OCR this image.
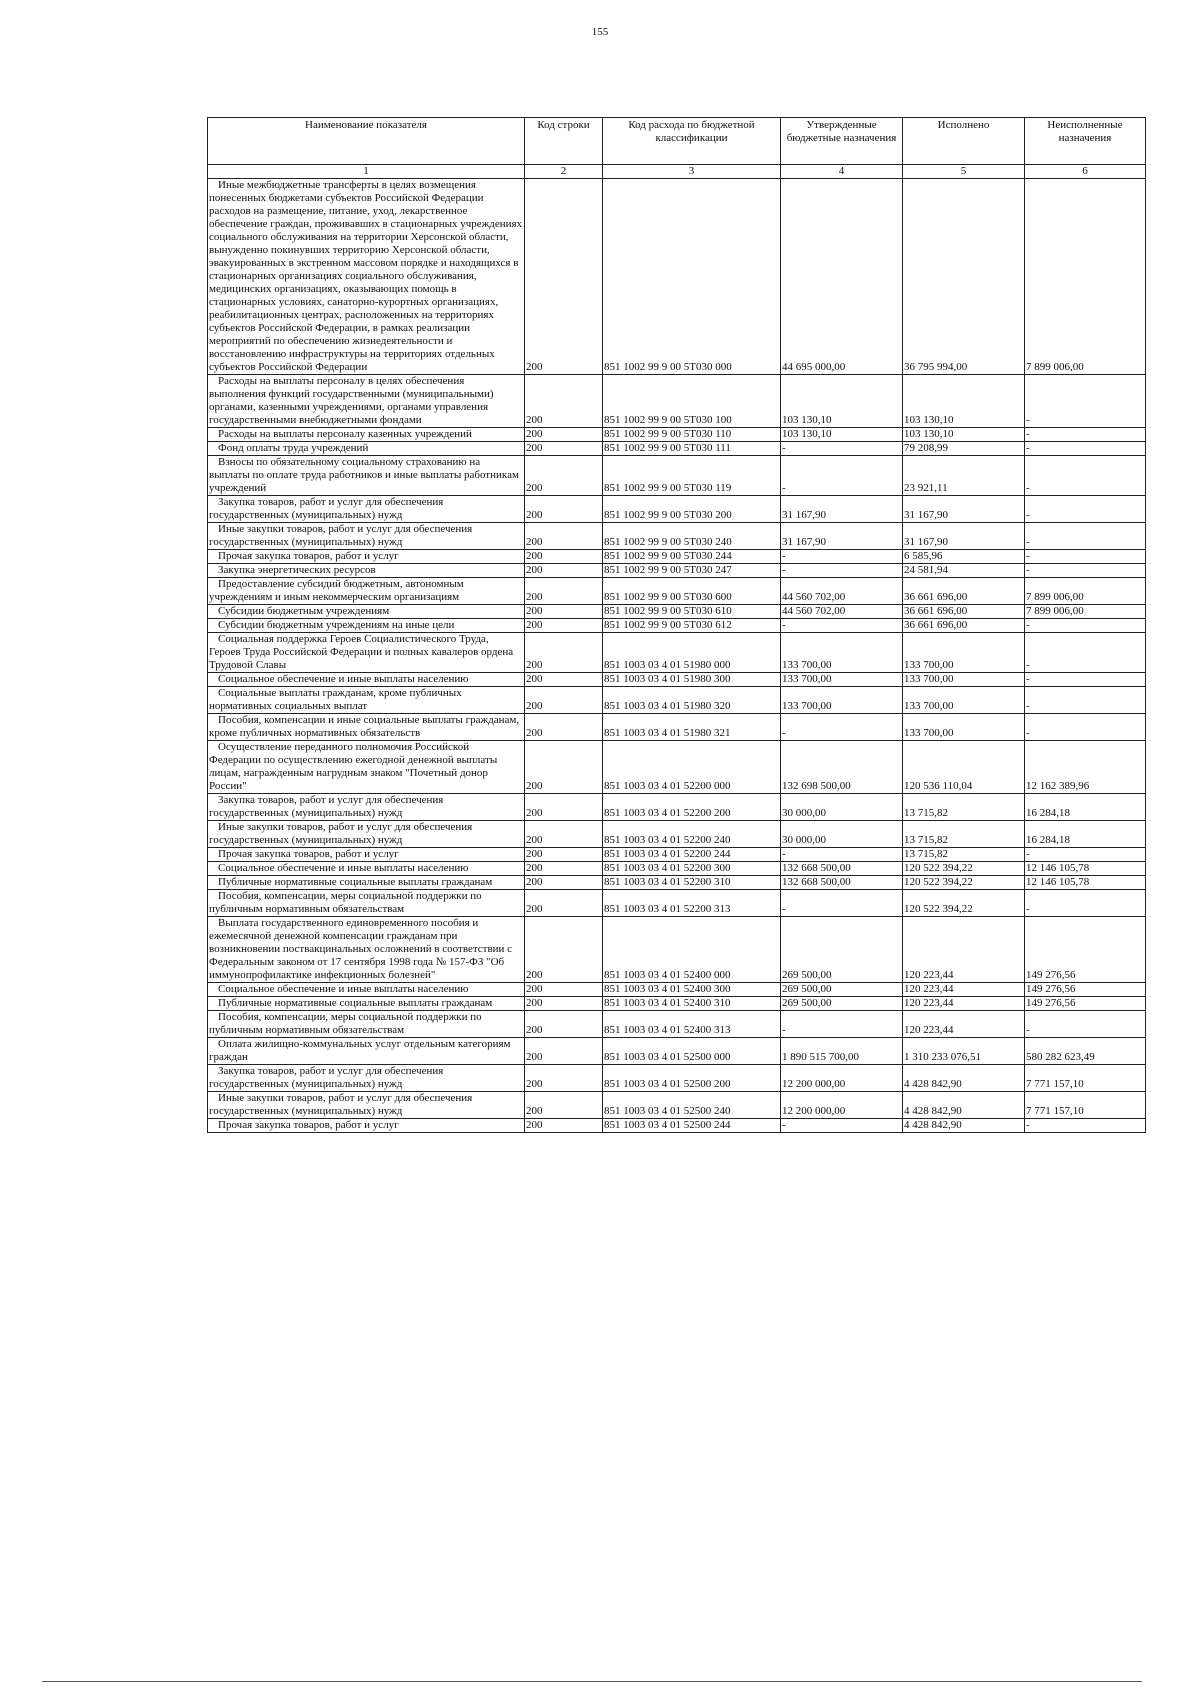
155
Наименование показателя	Код строки	Код расхода по бюджетной классификации	Утвержденные бюджетные назначения	Исполнено	Неисполненные назначения
1	2	3	4	5	6
Иные межбюджетные трансферты в целях возмещения понесенных бюджетами субъектов Российской Федерации расходов на размещение, питание, уход, лекарственное обеспечение граждан, проживавших в стационарных учреждениях социального обслуживания на территории Херсонской области, вынужденно покинувших территорию Херсонской области, эвакуированных в экстренном массовом порядке и находящихся в стационарных организациях социального обслуживания, медицинских организациях, оказывающих помощь в стационарных условиях, санаторно-курортных организациях, реабилитационных центрах, расположенных на территориях субъектов Российской Федерации, в рамках реализации мероприятий по обеспечению жизнедеятельности и восстановлению инфраструктуры на территориях отдельных субъектов Российской Федерации	200	851 1002 99 9 00 5Т030 000	44 695 000,00	36 795 994,00	7 899 006,00
Расходы на выплаты персоналу в целях обеспечения выполнения функций государственными (муниципальными) органами, казенными учреждениями, органами управления государственными внебюджетными фондами	200	851 1002 99 9 00 5Т030 100	103 130,10	103 130,10	-
Расходы на выплаты персоналу казенных учреждений	200	851 1002 99 9 00 5Т030 110	103 130,10	103 130,10	-
Фонд оплаты труда учреждений	200	851 1002 99 9 00 5Т030 111	-	79 208,99	-
Взносы по обязательному социальному страхованию на выплаты по оплате труда работников и иные выплаты работникам учреждений	200	851 1002 99 9 00 5Т030 119	-	23 921,11	-
Закупка товаров, работ и услуг для обеспечения государственных (муниципальных) нужд	200	851 1002 99 9 00 5Т030 200	31 167,90	31 167,90	-
Иные закупки товаров, работ и услуг для обеспечения государственных (муниципальных) нужд	200	851 1002 99 9 00 5Т030 240	31 167,90	31 167,90	-
Прочая закупка товаров, работ и услуг	200	851 1002 99 9 00 5Т030 244	-	6 585,96	-
Закупка энергетических ресурсов	200	851 1002 99 9 00 5Т030 247	-	24 581,94	-
Предоставление субсидий бюджетным, автономным учреждениям и иным некоммерческим организациям	200	851 1002 99 9 00 5Т030 600	44 560 702,00	36 661 696,00	7 899 006,00
Субсидии бюджетным учреждениям	200	851 1002 99 9 00 5Т030 610	44 560 702,00	36 661 696,00	7 899 006,00
Субсидии бюджетным учреждениям на иные цели	200	851 1002 99 9 00 5Т030 612	-	36 661 696,00	-
Социальная поддержка Героев Социалистического Труда, Героев Труда Российской Федерации и полных кавалеров ордена Трудовой Славы	200	851 1003 03 4 01 51980 000	133 700,00	133 700,00	-
Социальное обеспечение и иные выплаты населению	200	851 1003 03 4 01 51980 300	133 700,00	133 700,00	-
Социальные выплаты гражданам, кроме публичных нормативных социальных выплат	200	851 1003 03 4 01 51980 320	133 700,00	133 700,00	-
Пособия, компенсации и иные социальные выплаты гражданам, кроме публичных нормативных обязательств	200	851 1003 03 4 01 51980 321	-	133 700,00	-
Осуществление переданного полномочия Российской Федерации по осуществлению ежегодной денежной выплаты лицам, награжденным нагрудным знаком "Почетный донор России"	200	851 1003 03 4 01 52200 000	132 698 500,00	120 536 110,04	12 162 389,96
Закупка товаров, работ и услуг для обеспечения государственных (муниципальных) нужд	200	851 1003 03 4 01 52200 200	30 000,00	13 715,82	16 284,18
Иные закупки товаров, работ и услуг для обеспечения государственных (муниципальных) нужд	200	851 1003 03 4 01 52200 240	30 000,00	13 715,82	16 284,18
Прочая закупка товаров, работ и услуг	200	851 1003 03 4 01 52200 244	-	13 715,82	-
Социальное обеспечение и иные выплаты населению	200	851 1003 03 4 01 52200 300	132 668 500,00	120 522 394,22	12 146 105,78
Публичные нормативные социальные выплаты гражданам	200	851 1003 03 4 01 52200 310	132 668 500,00	120 522 394,22	12 146 105,78
Пособия, компенсации, меры социальной поддержки по публичным нормативным обязательствам	200	851 1003 03 4 01 52200 313	-	120 522 394,22	-
Выплата государственного единовременного пособия и ежемесячной денежной компенсации гражданам при возникновении поствакцинальных осложнений в соответствии с Федеральным законом от 17 сентября 1998 года № 157-ФЗ "Об иммунопрофилактике инфекционных болезней"	200	851 1003 03 4 01 52400 000	269 500,00	120 223,44	149 276,56
Социальное обеспечение и иные выплаты населению	200	851 1003 03 4 01 52400 300	269 500,00	120 223,44	149 276,56
Публичные нормативные социальные выплаты гражданам	200	851 1003 03 4 01 52400 310	269 500,00	120 223,44	149 276,56
Пособия, компенсации, меры социальной поддержки по публичным нормативным обязательствам	200	851 1003 03 4 01 52400 313	-	120 223,44	-
Оплата жилищно-коммунальных услуг отдельным категориям граждан	200	851 1003 03 4 01 52500 000	1 890 515 700,00	1 310 233 076,51	580 282 623,49
Закупка товаров, работ и услуг для обеспечения государственных (муниципальных) нужд	200	851 1003 03 4 01 52500 200	12 200 000,00	4 428 842,90	7 771 157,10
Иные закупки товаров, работ и услуг для обеспечения государственных (муниципальных) нужд	200	851 1003 03 4 01 52500 240	12 200 000,00	4 428 842,90	7 771 157,10
Прочая закупка товаров, работ и услуг	200	851 1003 03 4 01 52500 244	-	4 428 842,90	-
